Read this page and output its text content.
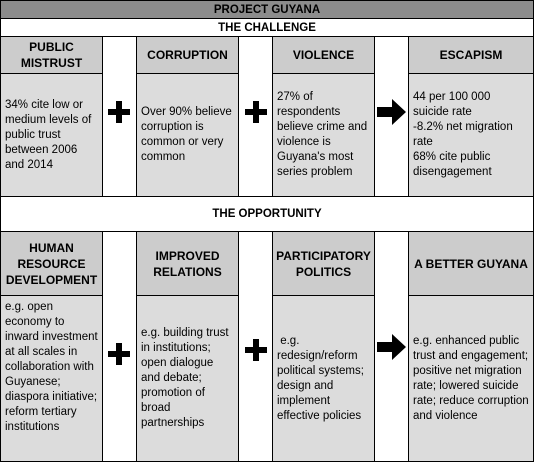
PROJECT GUYANA
THE CHALLENGE
PUBLIC MISTRUST
CORRUPTION	VIOLENCE	ESCAPISM
34% cite low or medium levels of public trust between 2006 and 2014
Over 90% believe corruption is common or very common
27% of respondents believe crime and violence is Guyana's most series problem
44 per 100 000 suicide rate
-8.2% net migration rate
68% cite public disengagement
THE OPPORTUNITY
HUMAN RESOURCE DEVELOPMENT
IMPROVED RELATIONS
PARTICIPATORY POLITICS
A BETTER GUYANA
e.g. open economy to inward investment at all scales in collaboration with Guyanese; diaspora initiative; reform tertiary institutions
e.g. building trust in institutions; open dialogue and debate; promotion of broad partnerships
e.g. redesign/reform political systems; design and implement effective policies
e.g. enhanced public trust and engagement; positive net migration rate; lowered suicide rate; reduce corruption and violence
